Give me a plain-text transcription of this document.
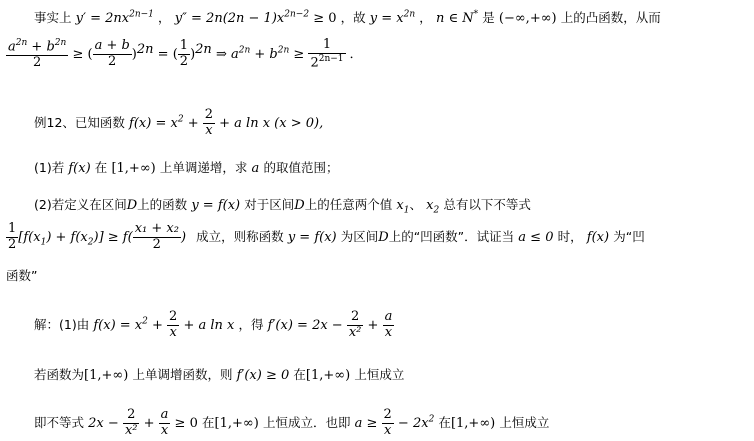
事实上 $y' = 2nx^{2n-1}$ ， $y'' = 2n(2n - 1)x^{2n-2} \ge 0$ ，故 $y = x^{2n}$ ， n ∈ N* 是 (−∞,+∞) 上的凸函数，从而
$\frac{a^{2n} + b^{2n}}{2}$ ≥ ( $\frac{a + b}{2} )^{2n}$ = ( $\frac{1}{2} )^{2n}$ ⇒ $a^{2n} + b^{2n} \ge \frac{1}{2^{2n-1}}$ ．
例12、已知函数 $f(x) = x^2 + \frac{2}{x} + a$ ln x (x > 0),
(1)若 f(x) 在 [1,+∞) 上单调递增，求 a 的取值范围；
(2)若定义在区间D上的函数 y = f(x) 对于区间D上的任意两个值 $x_1$、 $x_2$ 总有以下不等式
$\frac{1}{2} [f(x_1) + f(x_2)] \ge f( \frac{\text{x₁ + x₂}}{2}$ ) 成立，则称函数 y = f(x) 为区间D上的“凹函数”．试证当 a ≤ 0 时， f(x) 为“凹
函数”
解：(1)由 $f(x) = x^2 + \frac{2}{x} + a$ ln x ，得 $f'(x) = 2x - \frac{2}{\text{x²}} + \frac{a}{x}$
若函数为[1,+∞) 上单调增函数，则 f′(x) ≥ 0 在[1,+∞) 上恒成立
即不等式 $2x - \frac{2}{\text{x²}} + \frac{a}{x} \ge 0$ 在[1,+∞) 上恒成立．也即 $a \ge \frac{2}{x} - 2x^2$ 在[1,+∞) 上恒成立
